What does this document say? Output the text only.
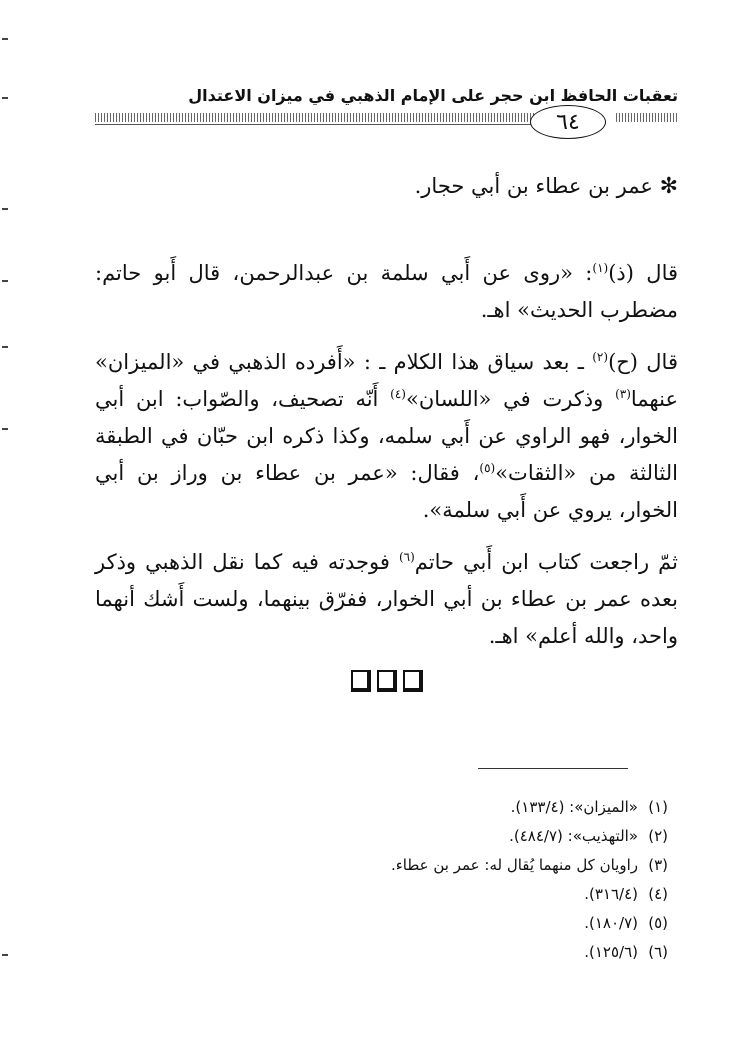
تعقبات الحافظ ابن حجر على الإمام الذهبي في ميزان الاعتدال
٦٤

✻ عمر بن عطاء بن أبي حجار.

قال (ذ)$^{(١)}$: «روى عن أَبي سلمة بن عبدالرحمن، قال أَبو حاتم: مضطرب الحديث» اهـ.

قال (ح)$^{(٢)}$ ـ بعد سياق هذا الكلام ـ : «أَفرده الذهبي في «الميزان» عنهما$^{(٣)}$ وذكرت في «اللسان»$^{(٤)}$ أَنّه تصحيف، والصّواب: ابن أبي الخوار، فهو الراوي عن أَبي سلمه، وكذا ذكره ابن حبّان في الطبقة الثالثة من «الثقات»$^{(٥)}$، فقال: «عمر بن عطاء بن وراز بن أبي الخوار، يروي عن أَبي سلمة».

ثمّ راجعت كتاب ابن أَبي حاتم$^{(٦)}$ فوجدته فيه كما نقل الذهبي وذكر بعده عمر بن عطاء بن أبي الخوار، ففرّق بينهما، ولست أَشك أنهما واحد، والله أعلم» اهـ.

(١)«الميزان»: (١٣٣/٤).
(٢)«التهذيب»: (٤٨٤/٧).
(٣)راويان كل منهما يُقال له: عمر بن عطاء.
(٤)(٣١٦/٤).
(٥)(١٨٠/٧).
(٦)(١٢٥/٦).
